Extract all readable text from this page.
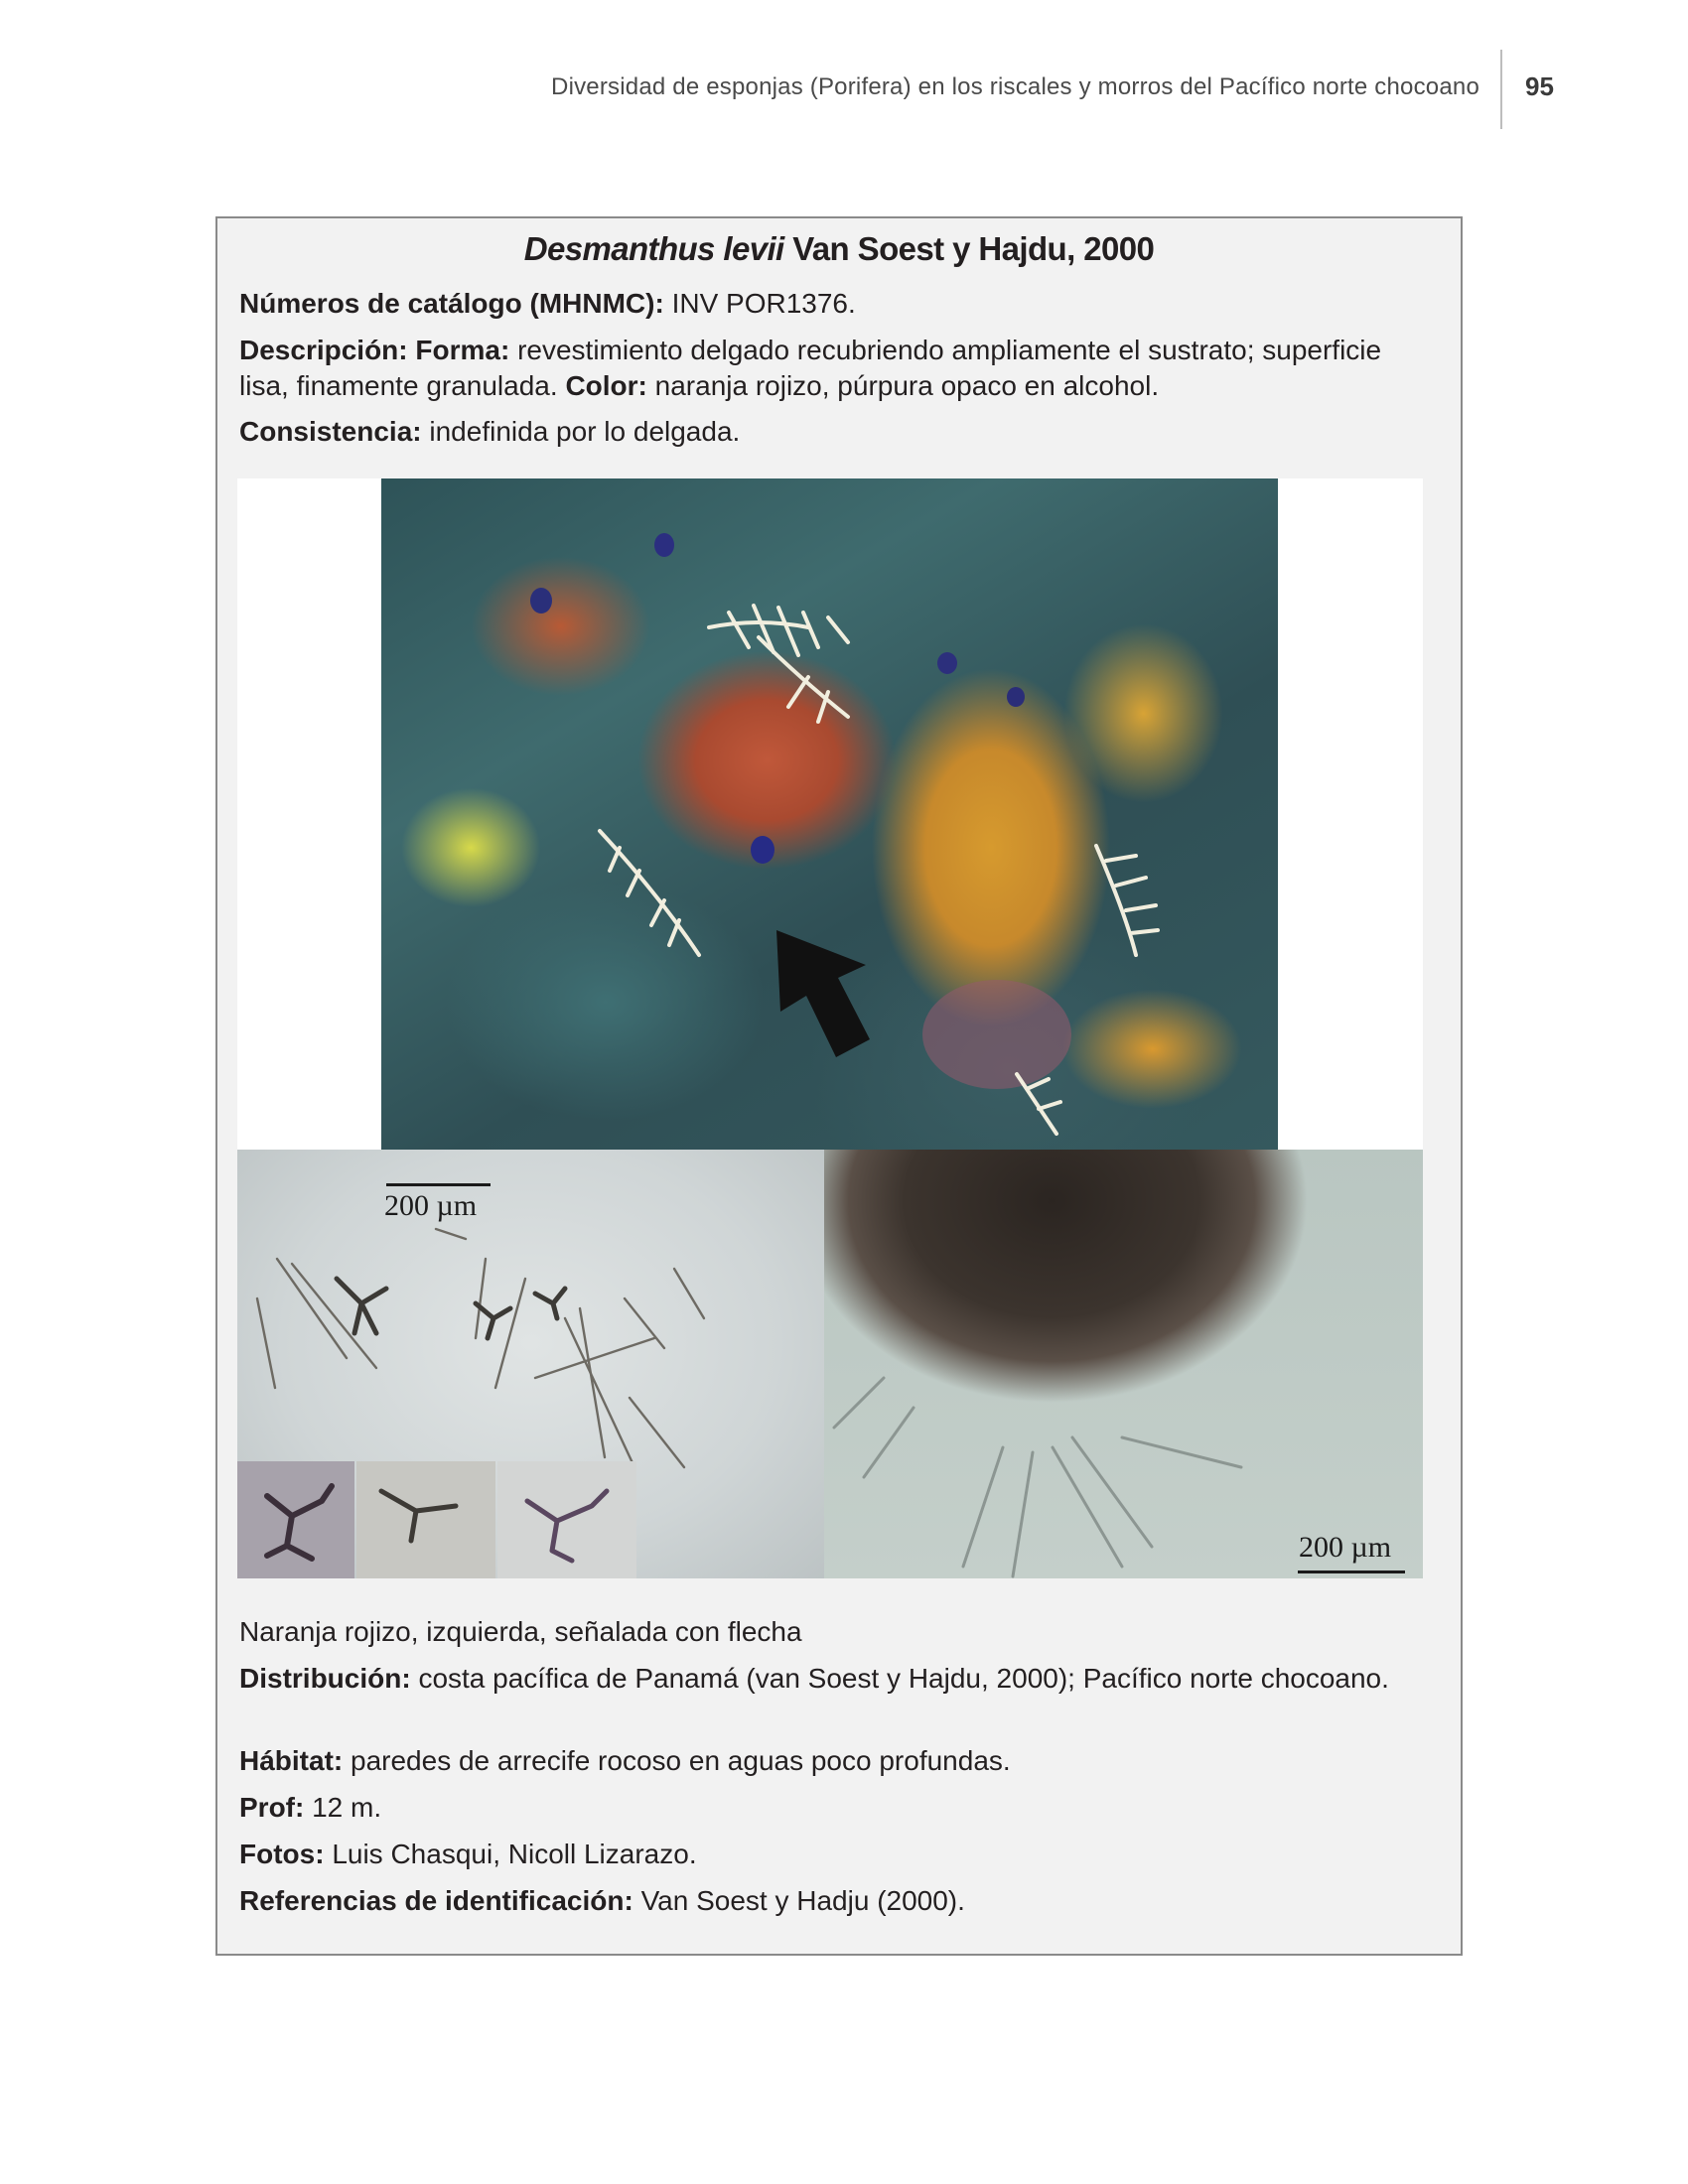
Diversidad de esponjas (Porifera) en los riscales y morros del Pacífico norte chocoano 95
Desmanthus levii Van Soest y Hajdu, 2000
Números de catálogo (MHNMC): INV POR1376.
Descripción: Forma: revestimiento delgado recubriendo ampliamente el sustrato; superficie lisa, finamente granulada. Color: naranja rojizo, púrpura opaco en alcohol.
Consistencia: indefinida por lo delgada.
200 µm
200 µm
Naranja rojizo, izquierda, señalada con flecha
Distribución: costa pacífica de Panamá (van Soest y Hajdu, 2000); Pacífico norte chocoano.
Hábitat: paredes de arrecife rocoso en aguas poco profundas.
Prof: 12 m.
Fotos: Luis Chasqui, Nicoll Lizarazo.
Referencias de identificación: Van Soest y Hadju (2000).
